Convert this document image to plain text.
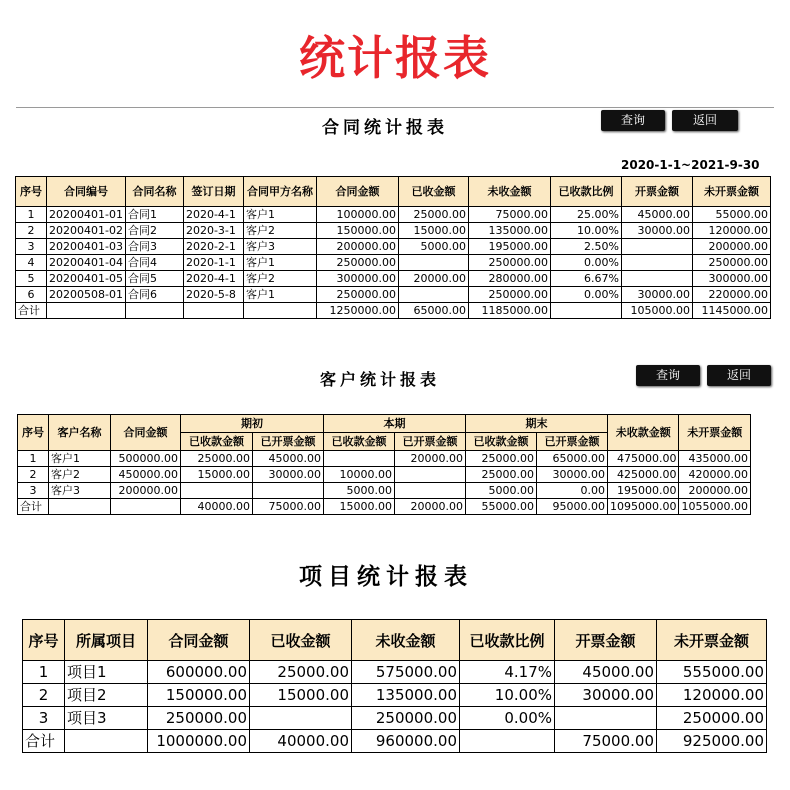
统计报表
合同统计报表	查询	返回
2020-1-1~2021-9-30
序号	合同编号	合同名称	签订日期	合同甲方名称	合同金额	已收金额	未收金额	已收款比例	开票金额	未开票金额
1	20200401-01	合同1	2020-4-1	客户1	100000.00	25000.00	75000.00	25.00%	45000.00	55000.00
2	20200401-02	合同2	2020-3-1	客户2	150000.00	15000.00	135000.00	10.00%	30000.00	120000.00
3	20200401-03	合同3	2020-2-1	客户3	200000.00	5000.00	195000.00	2.50%		200000.00
4	20200401-04	合同4	2020-1-1	客户1	250000.00		250000.00	0.00%		250000.00
5	20200401-05	合同5	2020-4-1	客户2	300000.00	20000.00	280000.00	6.67%		300000.00
6	20200508-01	合同6	2020-5-8	客户1	250000.00		250000.00	0.00%	30000.00	220000.00
合计					1250000.00	65000.00	1185000.00		105000.00	1145000.00
客户统计报表	查询	返回
序号	客户名称	合同金额	期初		本期		期末		未收款金额	未开票金额
			已收款金额	已开票金额	已收款金额	已开票金额	已收款金额	已开票金额		
1	客户1	500000.00	25000.00	45000.00		20000.00	25000.00	65000.00	475000.00	435000.00
2	客户2	450000.00	15000.00	30000.00	10000.00		25000.00	30000.00	425000.00	420000.00
3	客户3	200000.00			5000.00		5000.00	0.00	195000.00	200000.00
合计			40000.00	75000.00	15000.00	20000.00	55000.00	95000.00	1095000.00	1055000.00
项目统计报表
序号	所属项目	合同金额	已收金额	未收金额	已收款比例	开票金额	未开票金额
1	项目1	600000.00	25000.00	575000.00	4.17%	45000.00	555000.00
2	项目2	150000.00	15000.00	135000.00	10.00%	30000.00	120000.00
3	项目3	250000.00		250000.00	0.00%		250000.00
合计		1000000.00	40000.00	960000.00		75000.00	925000.00
